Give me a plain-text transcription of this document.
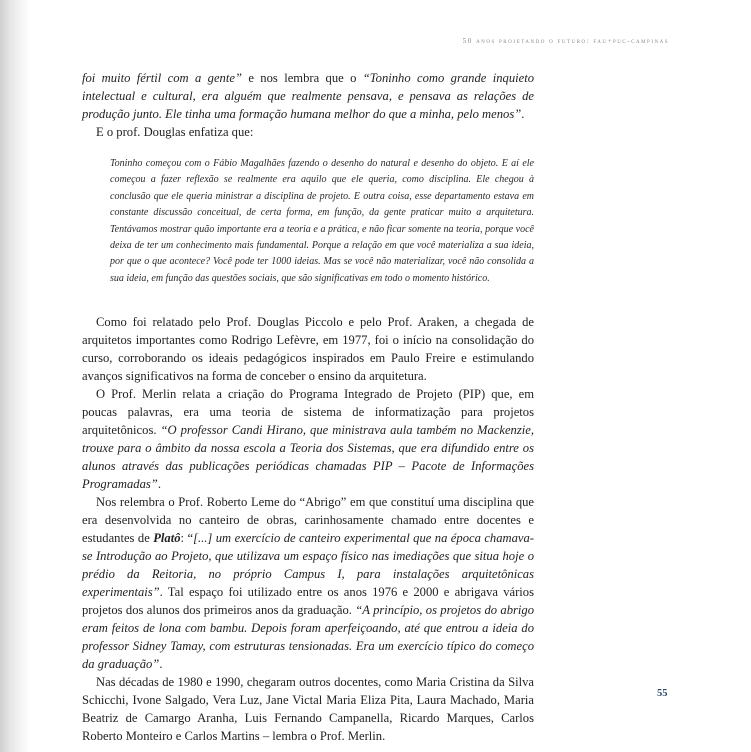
50 anos projetando o futuro: fau+puc-campinas

foi muito fértil com a gente” e nos lembra que o “Toninho como grande inquieto intelectual e cultural, era alguém que realmente pensava, e pensava as relações de produção junto. Ele tinha uma formação humana melhor do que a minha, pelo menos”.

E o prof. Douglas enfatiza que:

Toninho começou com o Fábio Magalhães fazendo o desenho do natural e desenho do objeto. E aí ele começou a fazer reflexão se realmente era aquilo que ele queria, como disciplina. Ele chegou à conclusão que ele queria ministrar a disciplina de projeto. E outra coisa, esse departamento estava em constante discussão conceitual, de certa forma, em função, da gente praticar muito a arquitetura. Tentávamos mostrar quão importante era a teoria e a prática, e não ficar somente na teoria, porque você deixa de ter um conhecimento mais fundamental. Porque a relação em que você materializa a sua ideia, por que o que acontece? Você pode ter 1000 ideias. Mas se você não materializar, você não consolida a sua ideia, em função das questões sociais, que são significativas em todo o momento histórico.

Como foi relatado pelo Prof. Douglas Piccolo e pelo Prof. Araken, a chegada de arquitetos importantes como Rodrigo Lefèvre, em 1977, foi o início na consolidação do curso, corroborando os ideais pedagógicos inspirados em Paulo Freire e estimulando avanços significativos na forma de conceber o ensino da arquitetura.

O Prof. Merlin relata a criação do Programa Integrado de Projeto (PIP) que, em poucas palavras, era uma teoria de sistema de informatização para projetos arquitetônicos. “O professor Candi Hirano, que ministrava aula também no Mackenzie, trouxe para o âmbito da nossa escola a Teoria dos Sistemas, que era difundido entre os alunos através das publicações periódicas chamadas PIP – Pacote de Informações Programadas”.

Nos relembra o Prof. Roberto Leme do “Abrigo” em que constituí uma disciplina que era desenvolvida no canteiro de obras, carinhosamente chamado entre docentes e estudantes de Platô: “[...] um exercício de canteiro experimental que na época chamava-se Introdução ao Projeto, que utilizava um espaço físico nas imediações que situa hoje o prédio da Reitoria, no próprio Campus I, para instalações arquitetônicas experimentais”. Tal espaço foi utilizado entre os anos 1976 e 2000 e abrigava vários projetos dos alunos dos primeiros anos da graduação. “A princípio, os projetos do abrigo eram feitos de lona com bambu. Depois foram aperfeiçoando, até que entrou a ideia do professor Sidney Tamay, com estruturas tensionadas. Era um exercício típico do começo da graduação”.

Nas décadas de 1980 e 1990, chegaram outros docentes, como Maria Cristina da Silva Schicchi, Ivone Salgado, Vera Luz, Jane Victal Maria Eliza Pita, Laura Machado, Maria Beatriz de Camargo Aranha, Luis Fernando Campanella, Ricardo Marques, Carlos Roberto Monteiro e Carlos Martins – lembra o Prof. Merlin.

55
